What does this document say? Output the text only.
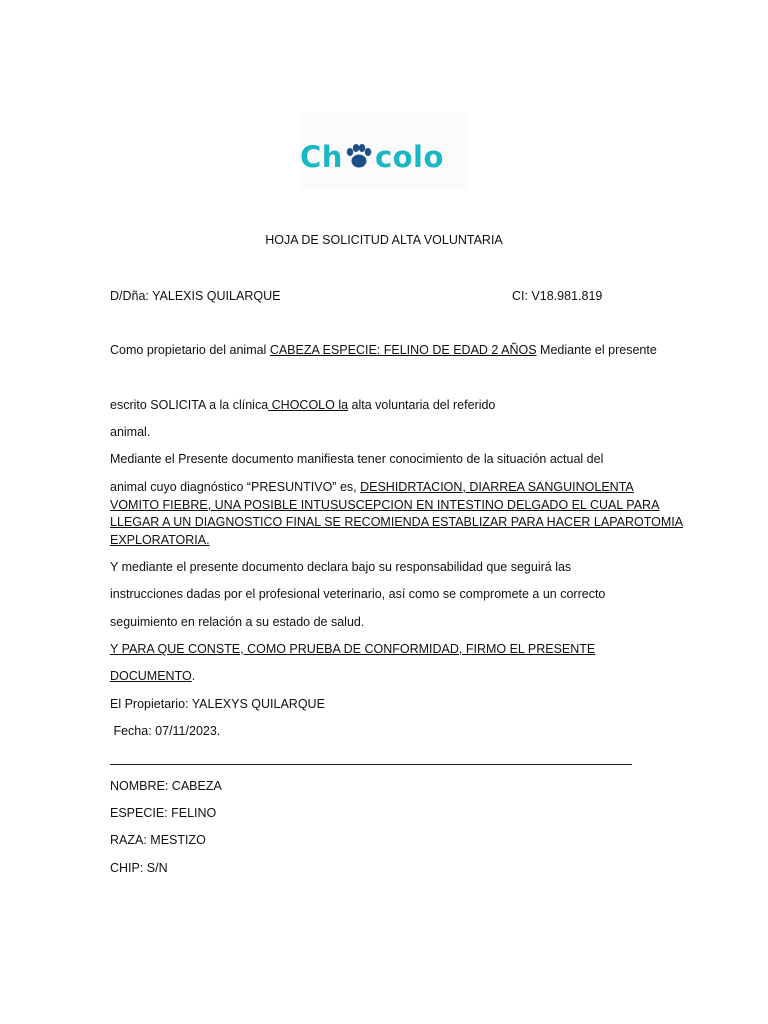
Ch colo
HOJA DE SOLICITUD ALTA VOLUNTARIA
D/Dña: YALEXIS QUILARQUE	CI: V18.981.819
Como propietario del animal CABEZA ESPECIE: FELINO DE EDAD 2 AÑOS Mediante el presente
escrito SOLICITA a la clínica CHOCOLO la alta voluntaria del referido
animal.
Mediante el Presente documento manifiesta tener conocimiento de la situación actual del
animal cuyo diagnóstico “PRESUNTIVO” es, DESHIDRTACION, DIARREA SANGUINOLENTA
VOMITO FIEBRE, UNA POSIBLE INTUSUSCEPCION EN INTESTINO DELGADO EL CUAL PARA
LLEGAR A UN DIAGNOSTICO FINAL SE RECOMIENDA ESTABLIZAR PARA HACER LAPAROTOMIA
EXPLORATORIA.
Y mediante el presente documento declara bajo su responsabilidad que seguirá las
instrucciones dadas por el profesional veterinario, así como se compromete a un correcto
seguimiento en relación a su estado de salud.
Y PARA QUE CONSTE, COMO PRUEBA DE CONFORMIDAD, FIRMO EL PRESENTE
DOCUMENTO.
El Propietario: YALEXYS QUILARQUE
Fecha: 07/11/2023.
NOMBRE: CABEZA
ESPECIE: FELINO
RAZA: MESTIZO
CHIP: S/N
